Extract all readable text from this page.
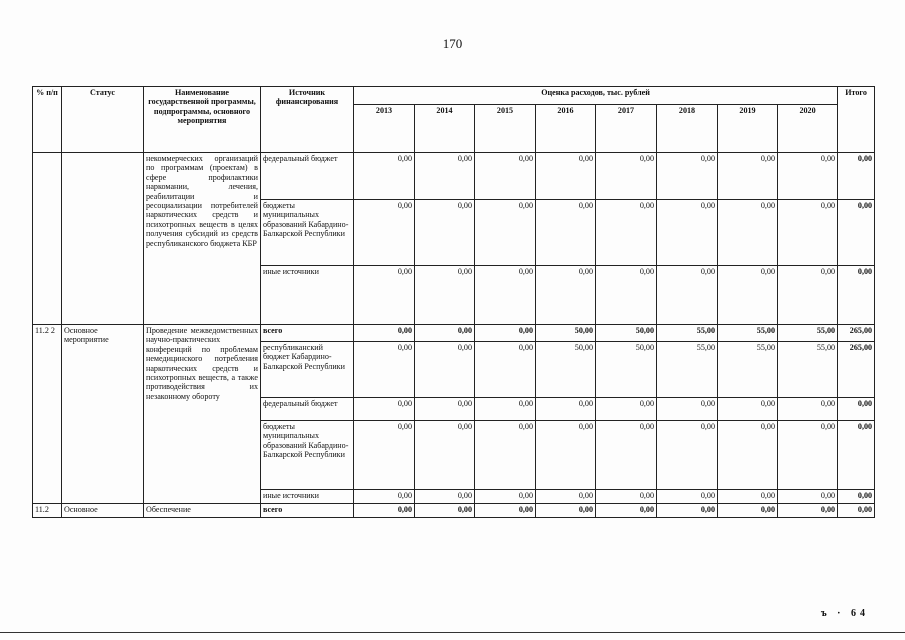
170
% п/п	Статус	Наименование государственной программы, подпрограммы, основного мероприятия	Источник финансирования	Оценка расходов, тыс. рублей								Итого
				2013	2014	2015	2016	2017	2018	2019	2020	
		некоммерческих организаций по программам (проектам) в сфере профилактики наркомании, лечения, реабилитации и ресоциализации потребителей наркотических средств и психотропных веществ в целях получения субсидий из средств республиканского бюджета КБР	федеральный бюджет	0,00	0,00	0,00	0,00	0,00	0,00	0,00	0,00	0,00
			бюджеты муниципальных образований Кабардино-Балкарской Республики	0,00	0,00	0,00	0,00	0,00	0,00	0,00	0,00	0,00
			иные источники	0,00	0,00	0,00	0,00	0,00	0,00	0,00	0,00	0,00
11.2 2	Основное мероприятие	Проведение межведомственных научно-практических конференций по проблемам немедицинского потребления наркотических средств и психотропных веществ, а также противодействия их незаконному обороту	всего	0,00	0,00	0,00	50,00	50,00	55,00	55,00	55,00	265,00
			республиканский бюджет Кабардино-Балкарской Республики	0,00	0,00	0,00	50,00	50,00	55,00	55,00	55,00	265,00
			федеральный бюджет	0,00	0,00	0,00	0,00	0,00	0,00	0,00	0,00	0,00
			бюджеты муниципальных образований Кабардино-Балкарской Республики	0,00	0,00	0,00	0,00	0,00	0,00	0,00	0,00	0,00
			иные источники	0,00	0,00	0,00	0,00	0,00	0,00	0,00	0,00	0,00
11.2	Основное	Обеспечение	всего	0,00	0,00	0,00	0,00	0,00	0,00	0,00	0,00	0,00
ъ · 64
